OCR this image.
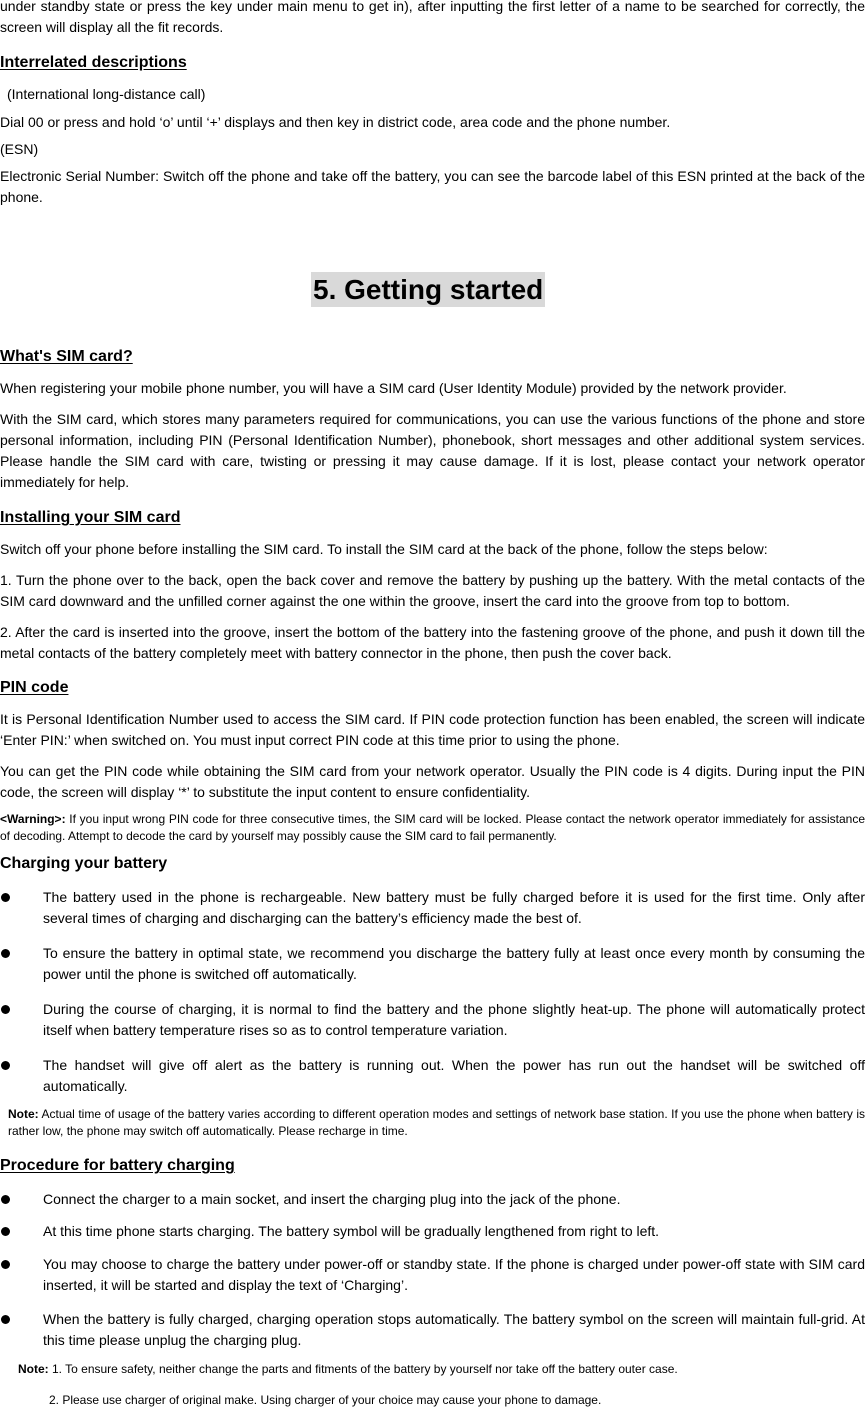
under standby state or press the key under main menu to get in), after inputting the first letter of a name to be searched for correctly, the screen will display all the fit records.

Interrelated descriptions

(International long-distance call)

Dial 00 or press and hold ‘o’ until ‘+’ displays and then key in district code, area code and the phone number.

(ESN)

Electronic Serial Number: Switch off the phone and take off the battery, you can see the barcode label of this ESN printed at the back of the phone.

5. Getting started
What's SIM card?

When registering your mobile phone number, you will have a SIM card (User Identity Module) provided by the network provider.

With the SIM card, which stores many parameters required for communications, you can use the various functions of the phone and store personal information, including PIN (Personal Identification Number), phonebook, short messages and other additional system services. Please handle the SIM card with care, twisting or pressing it may cause damage. If it is lost, please contact your network operator immediately for help.

Installing your SIM card

Switch off your phone before installing the SIM card. To install the SIM card at the back of the phone, follow the steps below:

1. Turn the phone over to the back, open the back cover and remove the battery by pushing up the battery. With the metal contacts of the SIM card downward and the unfilled corner against the one within the groove, insert the card into the groove from top to bottom.

2. After the card is inserted into the groove, insert the bottom of the battery into the fastening groove of the phone, and push it down till the metal contacts of the battery completely meet with battery connector in the phone, then push the cover back.

PIN code

It is Personal Identification Number used to access the SIM card. If PIN code protection function has been enabled, the screen will indicate ‘Enter PIN:’ when switched on. You must input correct PIN code at this time prior to using the phone.

You can get the PIN code while obtaining the SIM card from your network operator. Usually the PIN code is 4 digits. During input the PIN code, the screen will display ‘*’ to substitute the input content to ensure confidentiality.

<Warning>: If you input wrong PIN code for three consecutive times, the SIM card will be locked. Please contact the network operator immediately for assistance of decoding. Attempt to decode the card by yourself may possibly cause the SIM card to fail permanently.

Charging your battery
The battery used in the phone is rechargeable. New battery must be fully charged before it is used for the first time. Only after several times of charging and discharging can the battery’s efficiency made the best of.
To ensure the battery in optimal state, we recommend you discharge the battery fully at least once every month by consuming the power until the phone is switched off automatically.
During the course of charging, it is normal to find the battery and the phone slightly heat-up. The phone will automatically protect itself when battery temperature rises so as to control temperature variation.
The handset will give off alert as the battery is running out. When the power has run out the handset will be switched off automatically.

Note: Actual time of usage of the battery varies according to different operation modes and settings of network base station. If you use the phone when battery is rather low, the phone may switch off automatically. Please recharge in time.

Procedure for battery charging
Connect the charger to a main socket, and insert the charging plug into the jack of the phone.
At this time phone starts charging. The battery symbol will be gradually lengthened from right to left.
You may choose to charge the battery under power-off or standby state. If the phone is charged under power-off state with SIM card inserted, it will be started and display the text of ‘Charging’.
When the battery is fully charged, charging operation stops automatically. The battery symbol on the screen will maintain full-grid. At this time please unplug the charging plug.

Note: 1. To ensure safety, neither change the parts and fitments of the battery by yourself nor take off the battery outer case.

2. Please use charger of original make. Using charger of your choice may cause your phone to damage.
